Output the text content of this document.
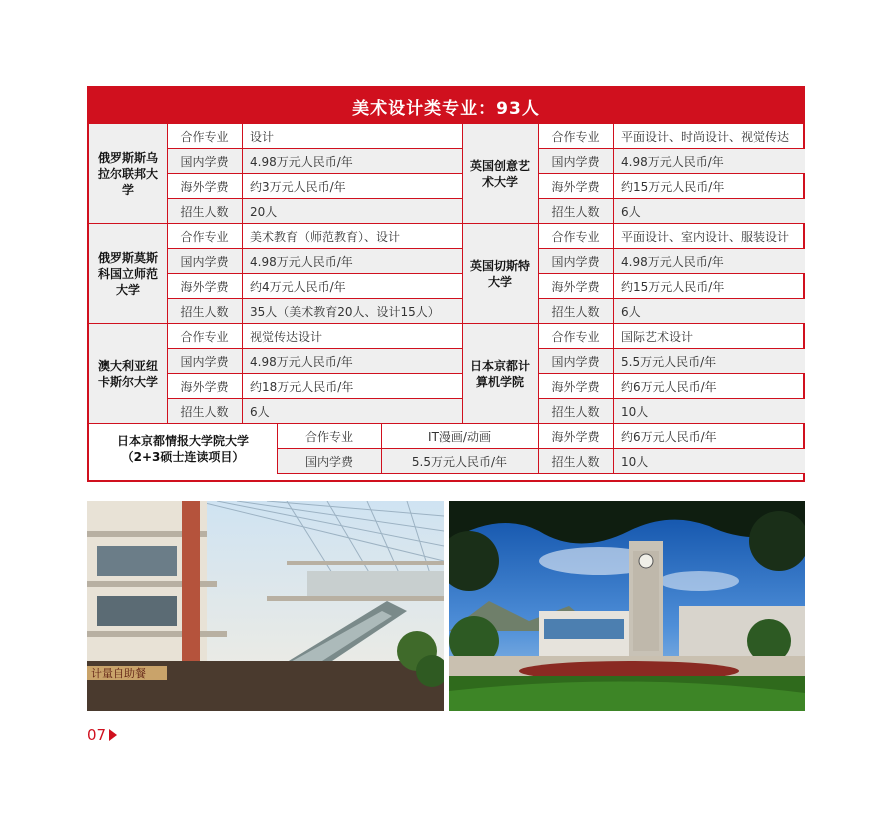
美术设计类专业：93人
俄罗斯斯乌拉尔联邦大学
合作专业	设计
国内学费	4.98万元人民币/年
海外学费	约3万元人民币/年
招生人数	20人
英国创意艺术大学
合作专业	平面设计、时尚设计、视觉传达
国内学费	4.98万元人民币/年
海外学费	约15万元人民币/年
招生人数	6人
俄罗斯莫斯科国立师范大学
合作专业	美术教育（师范教育）、设计
国内学费	4.98万元人民币/年
海外学费	约4万元人民币/年
招生人数	35人（美术教育20人、设计15人）
英国切斯特大学
合作专业	平面设计、室内设计、服装设计
国内学费	4.98万元人民币/年
海外学费	约15万元人民币/年
招生人数	6人
澳大利亚纽卡斯尔大学
合作专业	视觉传达设计
国内学费	4.98万元人民币/年
海外学费	约18万元人民币/年
招生人数	6人
日本京都计算机学院
合作专业	国际艺术设计
国内学费	5.5万元人民币/年
海外学费	约6万元人民币/年
招生人数	10人
日本京都情报大学院大学
（2+3硕士连读项目）
合作专业	IT漫画/动画
国内学费	5.5万元人民币/年
海外学费	约6万元人民币/年
招生人数	10人
计量自助餐
07
